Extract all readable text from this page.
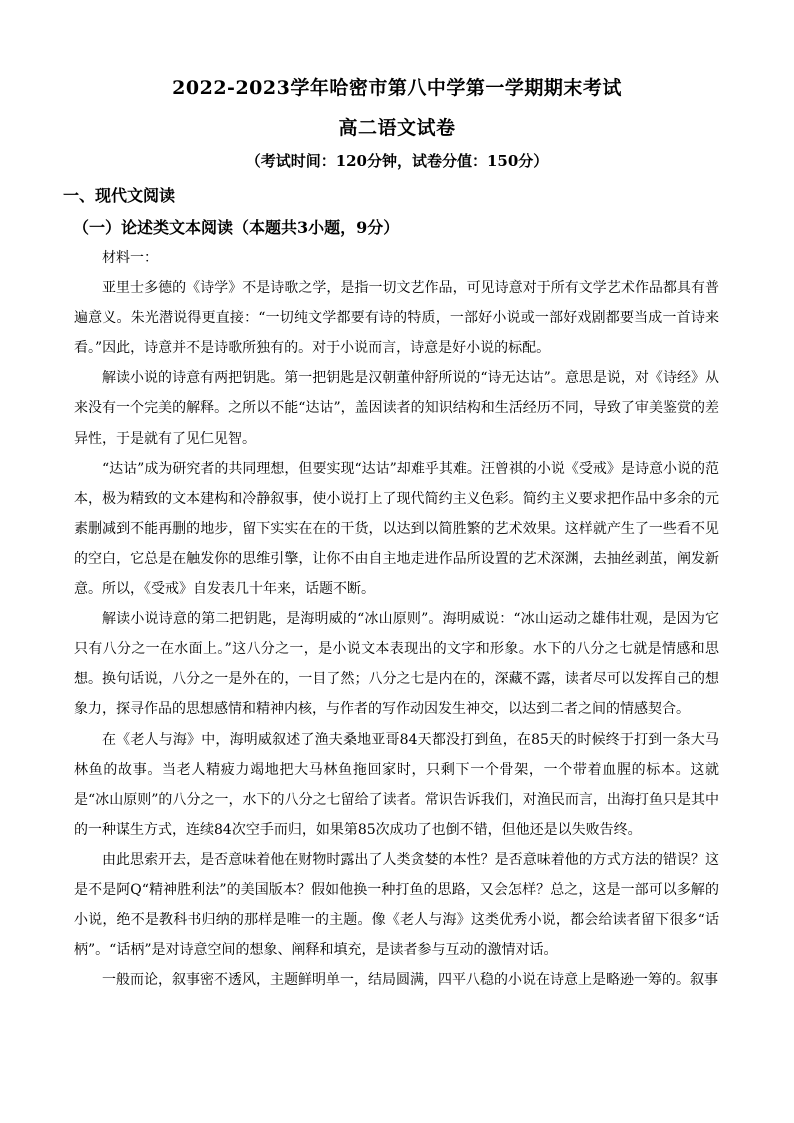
2022-2023学年哈密市第八中学第一学期期末考试
高二语文试卷
（考试时间：120分钟，试卷分值：150分）
一、现代文阅读
（一）论述类文本阅读（本题共3小题，9分）

材料一：

亚里士多德的《诗学》不是诗歌之学，是指一切文艺作品，可见诗意对于所有文学艺术作品都具有普遍意义。朱光潜说得更直接：“一切纯文学都要有诗的特质，一部好小说或一部好戏剧都要当成一首诗来看。”因此，诗意并不是诗歌所独有的。对于小说而言，诗意是好小说的标配。

解读小说的诗意有两把钥匙。第一把钥匙是汉朝董仲舒所说的“诗无达诂”。意思是说，对《诗经》从来没有一个完美的解释。之所以不能“达诂”，盖因读者的知识结构和生活经历不同，导致了审美鉴赏的差异性，于是就有了见仁见智。

“达诂”成为研究者的共同理想，但要实现“达诂”却难乎其难。汪曾祺的小说《受戒》是诗意小说的范本，极为精致的文本建构和冷静叙事，使小说打上了现代简约主义色彩。简约主义要求把作品中多余的元素删减到不能再删的地步，留下实实在在的干货，以达到以简胜繁的艺术效果。这样就产生了一些看不见的空白，它总是在触发你的思维引擎，让你不由自主地走进作品所设置的艺术深渊，去抽丝剥茧，阐发新意。所以，《受戒》自发表几十年来，话题不断。

解读小说诗意的第二把钥匙，是海明威的“冰山原则”。海明威说：“冰山运动之雄伟壮观，是因为它只有八分之一在水面上。”这八分之一，是小说文本表现出的文字和形象。水下的八分之七就是情感和思想。换句话说，八分之一是外在的，一目了然；八分之七是内在的，深藏不露，读者尽可以发挥自己的想象力，探寻作品的思想感情和精神内核，与作者的写作动因发生神交，以达到二者之间的情感契合。

在《老人与海》中，海明威叙述了渔夫桑地亚哥84天都没打到鱼，在85天的时候终于打到一条大马林鱼的故事。当老人精疲力竭地把大马林鱼拖回家时，只剩下一个骨架，一个带着血腥的标本。这就是“冰山原则”的八分之一，水下的八分之七留给了读者。常识告诉我们，对渔民而言，出海打鱼只是其中的一种谋生方式，连续84次空手而归，如果第85次成功了也倒不错，但他还是以失败告终。

由此思索开去，是否意味着他在财物时露出了人类贪婪的本性？是否意味着他的方式方法的错误？这是不是阿Q“精神胜利法”的美国版本？假如他换一种打鱼的思路，又会怎样？总之，这是一部可以多解的小说，绝不是教科书归纳的那样是唯一的主题。像《老人与海》这类优秀小说，都会给读者留下很多“话柄”。“话柄”是对诗意空间的想象、阐释和填充，是读者参与互动的激情对话。

一般而论，叙事密不透风，主题鲜明单一，结局圆满，四平八稳的小说在诗意上是略逊一筹的。叙事
